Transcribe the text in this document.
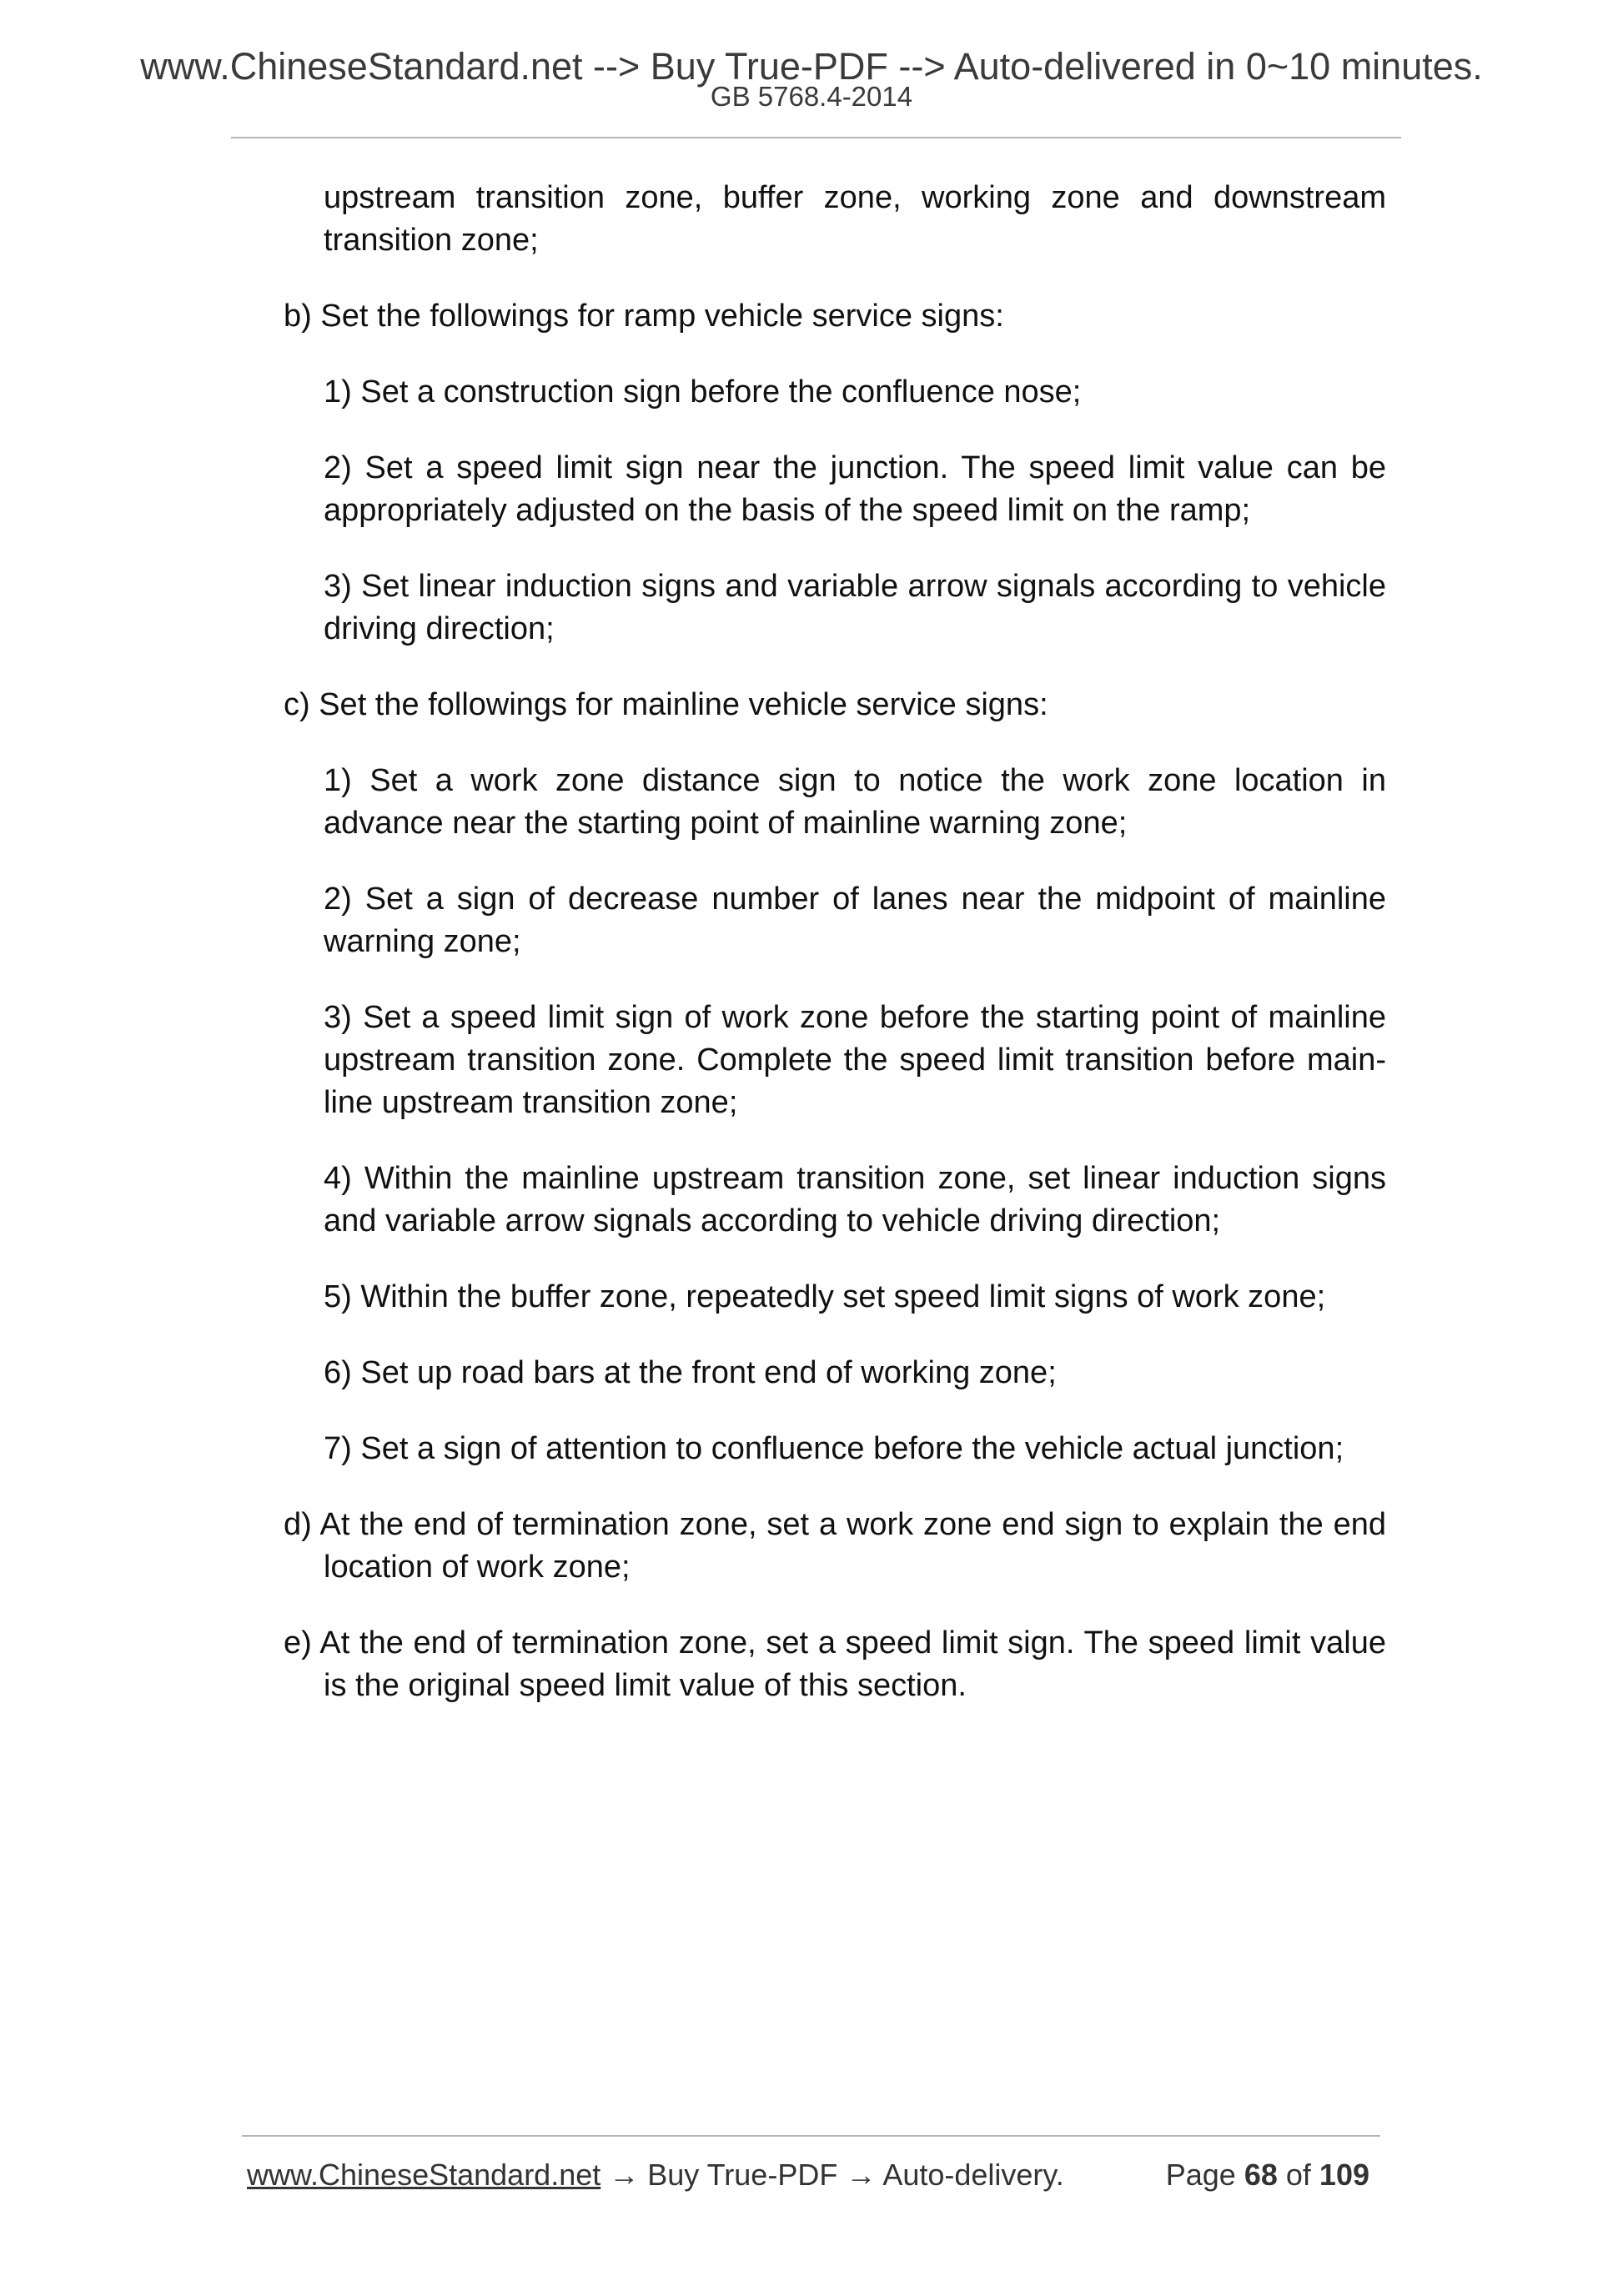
www.ChineseStandard.net --> Buy True-PDF --> Auto-delivered in 0~10 minutes.
GB 5768.4-2014

upstream transition zone, buffer zone, working zone and downstream transition zone;

b) Set the followings for ramp vehicle service signs:

1) Set a construction sign before the confluence nose;

2) Set a speed limit sign near the junction. The speed limit value can be appropriately adjusted on the basis of the speed limit on the ramp;

3) Set linear induction signs and variable arrow signals according to vehicle driving direction;

c) Set the followings for mainline vehicle service signs:

1) Set a work zone distance sign to notice the work zone location in advance near the starting point of mainline warning zone;

2) Set a sign of decrease number of lanes near the midpoint of mainline warning zone;

3) Set a speed limit sign of work zone before the starting point of mainline upstream transition zone. Complete the speed limit transition before main-line upstream transition zone;

4) Within the mainline upstream transition zone, set linear induction signs and variable arrow signals according to vehicle driving direction;

5) Within the buffer zone, repeatedly set speed limit signs of work zone;

6) Set up road bars at the front end of working zone;

7) Set a sign of attention to confluence before the vehicle actual junction;

d) At the end of termination zone, set a work zone end sign to explain the end location of work zone;

e) At the end of termination zone, set a speed limit sign. The speed limit value is the original speed limit value of this section.

www.ChineseStandard.net → Buy True-PDF → Auto-delivery.	Page 68 of 109
